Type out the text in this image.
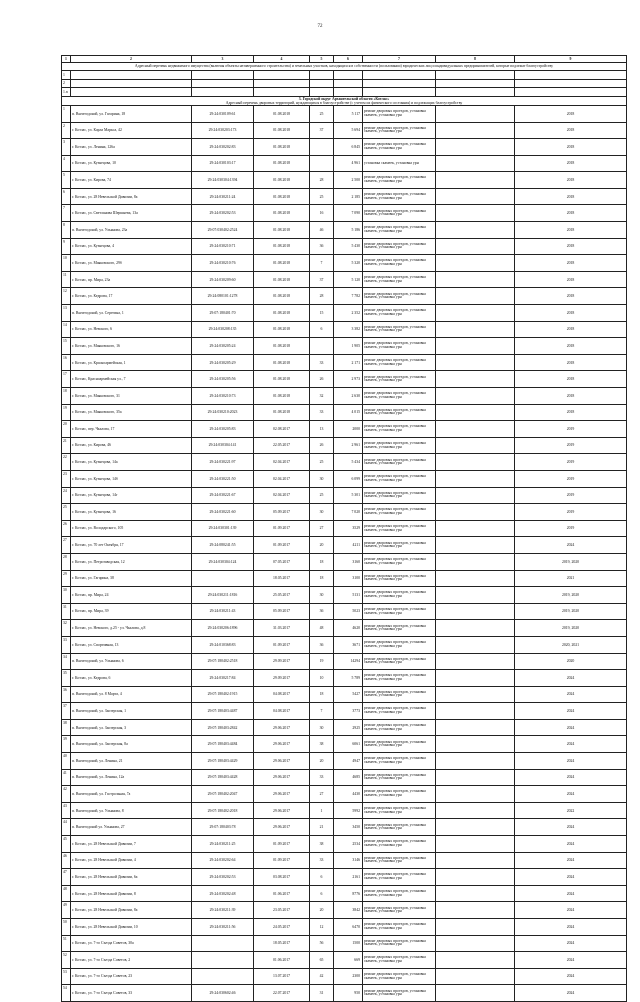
72
1	2	3	4	5	6	7	8	9
Адресный перечень недвижимого имущества (включая объекты незавершенного строительства) и земельных участков, находящихся в собственности (пользовании) юридических лиц и индивидуальных предпринимателей, которые подлежат благоустройству								
1								
2								
1.n								

3. Городской округ Архангельской области «Котлас»
Адресный перечень дворовых территорий, нуждающихся в благоустройстве (с учетом их физического состояния) и подлежащих благоустройству								

1	п. Вычегодский, ул. Гагарина, 18	29:24:030109:61	01.08.2018	25	5 117	ремонт дворовых проездов, установка скамеек, установка урн		2018
2	г. Котлас, ул. Карла Маркса, 42	29:24:030203:173	01.08.2018	37	5 694	ремонт дворовых проездов, установка скамеек, установка урн		2018
3	г. Котлас, ул. Ленина, 126а	29:24:030202:83	01.08.2018		6 845	ремонт дворовых проездов, установка скамеек, установка урн		2018
4	г. Котлас, ул. Кузнецова, 10	29:24:030103:17	01.08.2018		4 961	установка скамеек, установка урн		2018
5	г. Котлас, ул. Кирова, 74	29:24:030304:1394	01.08.2018	28	2 500	ремонт дворовых проездов, установка скамеек, установка урн		2018
6	г. Котлас, ул. 28 Невельской Дивизии, 8а	29:24:030211:24	01.08.2018	25	2 185	ремонт дворовых проездов, установка скамеек, установка урн		2018
7	г. Котлас, ул. Светланова Шершнева, 13а	29:24:030202:53	01.08.2018	16	7 090	ремонт дворовых проездов, установка скамеек, установка урн		2018
8	п. Вычегодский, ул. Ульянова, 23а	29:07:030402:2524	01.08.2018	46	5 186	ремонт дворовых проездов, установка скамеек, установка урн		2018
9	г. Котлас, ул. Кузнецова, 4	29:24:030210:71	01.08.2018	36	5 430	ремонт дворовых проездов, установка скамеек, установка урн		2018
10	г. Котлас, ул. Маяковского, 29б	29:24:030210:76	01.08.2018	7	5 320	ремонт дворовых проездов, установка скамеек, установка урн		2018
11	г. Котлас, пр. Мира, 23а	29:24:030209:60	01.08.2018	37	5 120	ремонт дворовых проездов, установка скамеек, установка урн		2018
12	г. Котлас, ул. Кедрова, 17	29:24:080101:1278	01.08.2018	28	7 782	ремонт дворовых проездов, установка скамеек, установка урн		2018
13	п. Вычегодский, ул. Серегина, 1	29:07:180401:70	01.08.2018	15	2 352	ремонт дворовых проездов, установка скамеек, установка урн		2018
14	г. Котлас, ул. Невского, 6	29:24:030208:135	01.08.2018	6	3 382	ремонт дворовых проездов, установка скамеек, установка урн		2018
15	г. Котлас, ул. Маяковского, 16	29:24:030205:24	01.08.2018		1 905	ремонт дворовых проездов, установка скамеек, установка урн		2018
16	г. Котлас, ул. Красноармейская, 1	29:24:030205:29	01.08.2018	33	2 171	ремонт дворовых проездов, установка скамеек, установка урн		2018
17	г. Котлас, Красноармейская ул., 7	29:24:030205:56	01.08.2018	26	2 973	ремонт дворовых проездов, установка скамеек, установка урн		2018
18	г. Котлас, ул. Маяковского, 31	29:24:030210:73	01.08.2018	32	2 630	ремонт дворовых проездов, установка скамеек, установка урн		2018
19	г. Котлас, ул. Маяковского, 35а	29:24:030210:2023	01.08.2018	33	4 015	ремонт дворовых проездов, установка скамеек, установка урн		2018
20	г. Котлас, пер. Чкалова, 17	29:24:030205:83	02.08.2017	13	2000	ремонт дворовых проездов, установка скамеек, установка урн		2019
21	г. Котлас, ул. Кирова, 46	29:24:030304:141	22.05.2017	26	2 961	ремонт дворовых проездов, установка скамеек, установка урн		2019
22	г. Котлас, ул. Кузнецова, 14а	29:24:030221:97	02.04.2017	25	5 434	ремонт дворовых проездов, установка скамеек, установка урн		2019
23	г. Котлас, ул. Кузнецова, 14б	29:24:030221:50	02.04.2017	30	6 099	ремонт дворовых проездов, установка скамеек, установка урн		2019
24	г. Котлас, ул. Кузнецова, 14г	29:24:030221:67	02.04.2017	25	5 301	ремонт дворовых проездов, установка скамеек, установка урн		2019
25	г. Котлас, ул. Кузнецова, 16	29:24:030221:60	05.09.2017	30	7 020	ремонт дворовых проездов, установка скамеек, установка урн		2019
26	г. Котлас, ул. Володарского, 105	29:24:030301:139	01.09.2017	27	3529	ремонт дворовых проездов, установка скамеек, установка урн		2019
27	г. Котлас, ул. 70 лет Октября, 17	29:24:080241:55	01.09.2017	20	4211	ремонт дворовых проездов, установка скамеек, установка урн		2024
28	г. Котлас, ул. Петрозаводская, 12	29:24:030304:124	07.05.2017	18	3160	ремонт дворовых проездов, установка скамеек, установка урн		2019, 2020
29	г. Котлас, ул. Гагарина, 38		18.05.2017	18	3100	ремонт дворовых проездов, установка скамеек, установка урн		2021
30	г. Котлас, пр. Мира, 24	29:24:030211:1816	25.05.2017	30	5131	ремонт дворовых проездов, установка скамеек, установка урн		2019, 2020
31	г. Котлас, пр. Мира, 39	29:24:030211:43	05.09.2017	36	5023	ремонт дворовых проездов, установка скамеек, установка урн		2019, 2020
32	г. Котлас, ул. Невского, д.25 - ул. Чкалова, д.8	29:24:030206:1896	31.03.2017	48	4620	ремонт дворовых проездов, установка скамеек, установка урн		2019, 2020
33	г. Котлас, ул. Спортивная, 13	29:24:010368:83	01.09.2017	36	3671	ремонт дворовых проездов, установка скамеек, установка урн		2020, 2021
34	п. Вычегодский, ул. Ульянова, 6	29:07:180402:2518	29.09.2017	19	14294	ремонт дворовых проездов, установка скамеек, установка урн		2020
35	г. Котлас, ул. Кедрова, 6	29:24:030217:84	29.09.2017	10	5 789	ремонт дворовых проездов, установка скамеек, установка урн		2024
36	п. Вычегодский, ул. 8 Марта, 4	29:07:180402:1915	04.08.2017	18	5427	ремонт дворовых проездов, установка скамеек, установка урн		2024
37	п. Вычегодский, ул. Заозерская, 1	29:07:180403:4487	04.08.2017	7	3773	ремонт дворовых проездов, установка скамеек, установка урн		2024
38	п. Вычегодский, ул. Заозерская, 3	29:07:180403:2842	29.06.2017	30	2925	ремонт дворовых проездов, установка скамеек, установка урн		2024
39	п. Вычегодский, ул. Заозерская, 8а	29:07:180403:4484	29.06.2017	38	6061	ремонт дворовых проездов, установка скамеек, установка урн		2024
40	п. Вычегодский, ул. Ленина, 21	29:07:180403:4429	29.06.2017	20	4947	ремонт дворовых проездов, установка скамеек, установка урн		2024
41	п. Вычегодский, ул. Ленина, 12а	29:07:180403:4428	29.06.2017	33	4685	ремонт дворовых проездов, установка скамеек, установка урн		2024
42	п. Вычегодский, ул. Гастрольная, 7а	29:07:180402:2047	29.06.2017	27	4430	ремонт дворовых проездов, установка скамеек, установка урн		2024
43	п. Вычегодский, ул. Ульянова, 8	29:07:180402:2018	29.06.2017	1	5992	ремонт дворовых проездов, установка скамеек, установка урн		2022
44	п. Вычегодский ул. Ульянова, 27	29:07:180403:78	29.06.2017	21	3450	ремонт дворовых проездов, установка скамеек, установка урн		2024
45	г. Котлас, ул. 28 Невельской Дивизии, 7	29:24:030211:25	01.09.2017	38	2534	ремонт дворовых проездов, установка скамеек, установка урн		2024
46	г. Котлас, ул. 28 Невельской Дивизии, 4	29:24:030202:64	01.09.2017	33	3146	ремонт дворовых проездов, установка скамеек, установка урн		2024
47	г. Котлас, ул. 28 Невельской Дивизии, 6а	29:24:030202:53	03.08.2017	6	2161	ремонт дворовых проездов, установка скамеек, установка урн		2024
48	г. Котлас, ул. 28 Невельской Дивизии, 8	29:24:030202:48	01.06.2017	6	8776	ремонт дворовых проездов, установка скамеек, установка урн		2024
49	г. Котлас, ул. 28 Невельской Дивизии, 8а	29:24:030211:39	23.05.2017	20	3842	ремонт дворовых проездов, установка скамеек, установка урн		2024
50	г. Котлас, ул. 28 Невельской Дивизии, 10	29:24:030211:56	24.05.2017	12	6470	ремонт дворовых проездов, установка скамеек, установка урн		2024
51	г. Котлас, ул. 7-го Съезда Советов, 30а		18.05.2017	56	1500	ремонт дворовых проездов, установка скамеек, установка урн		2024
52	г. Котлас, ул. 7-го Съезда Советов, 2		01.06.2017	65	669	ремонт дворовых проездов, установка скамеек, установка урн		2024
53	г. Котлас, ул. 7-го Съезда Советов, 23		13.07.2017	42	2300	ремонт дворовых проездов, установка скамеек, установка урн		2024
54	г. Котлас, ул. 7-го Съезда Советов, 33	29:24:030602:46	22.07.2017	31	950	ремонт дворовых проездов, установка скамеек, установка урн		2024
